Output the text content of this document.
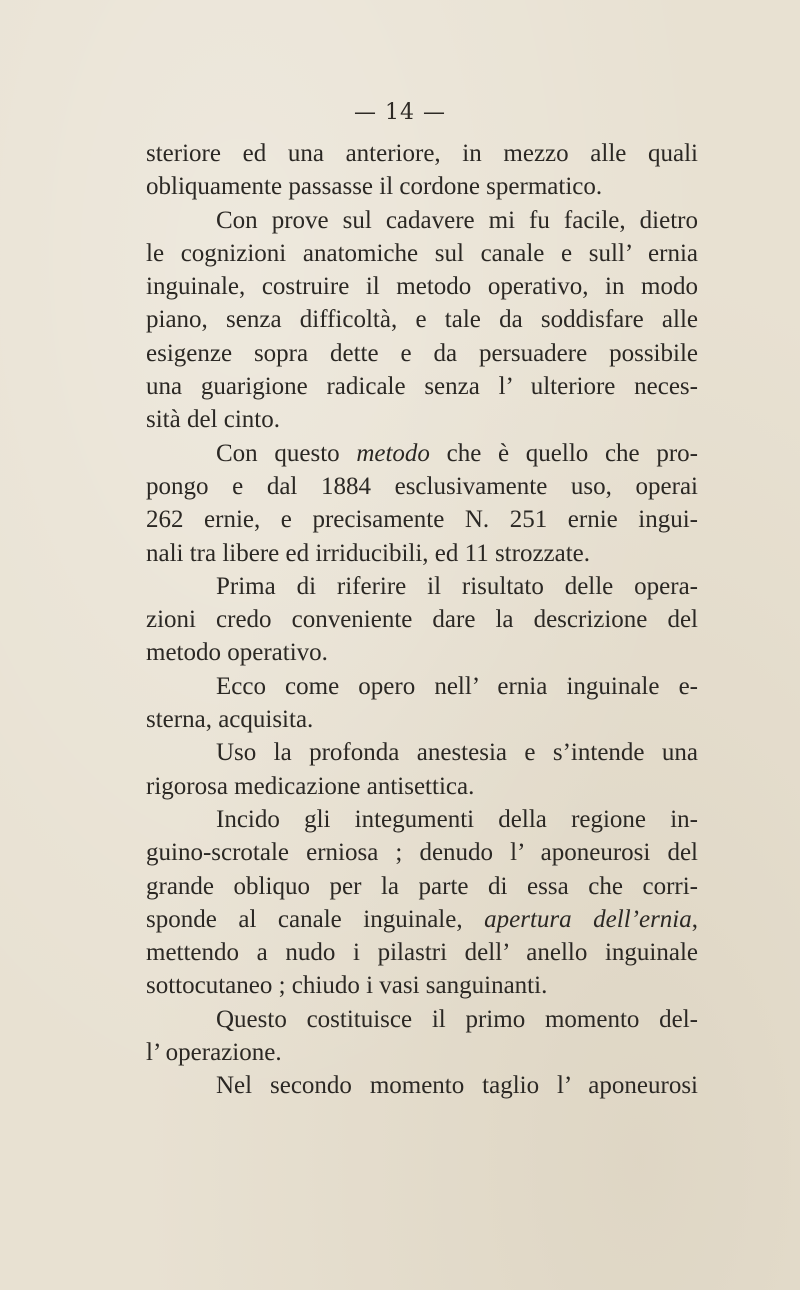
— 14 —
steriore ed una anteriore, in mezzo alle quali
obliquamente passasse il cordone spermatico.
Con prove sul cadavere mi fu facile, dietro
le cognizioni anatomiche sul canale e sull’ ernia
inguinale, costruire il metodo operativo, in modo
piano, senza difficoltà, e tale da soddisfare alle
esigenze sopra dette e da persuadere possibile
una guarigione radicale senza l’ ulteriore neces-
sità del cinto.
Con questo metodo che è quello che pro-
pongo e dal 1884 esclusivamente uso, operai
262 ernie, e precisamente N. 251 ernie ingui-
nali tra libere ed irriducibili, ed 11 strozzate.
Prima di riferire il risultato delle opera-
zioni credo conveniente dare la descrizione del
metodo operativo.
Ecco come opero nell’ ernia inguinale e-
sterna, acquisita.
Uso la profonda anestesia e s’intende una
rigorosa medicazione antisettica.
Incido gli integumenti della regione in-
guino-scrotale erniosa ; denudo l’ aponeurosi del
grande obliquo per la parte di essa che corri-
sponde al canale inguinale, apertura dell’ernia,
mettendo a nudo i pilastri dell’ anello inguinale
sottocutaneo ; chiudo i vasi sanguinanti.
Questo costituisce il primo momento del-
l’ operazione.
Nel secondo momento taglio l’ aponeurosi
